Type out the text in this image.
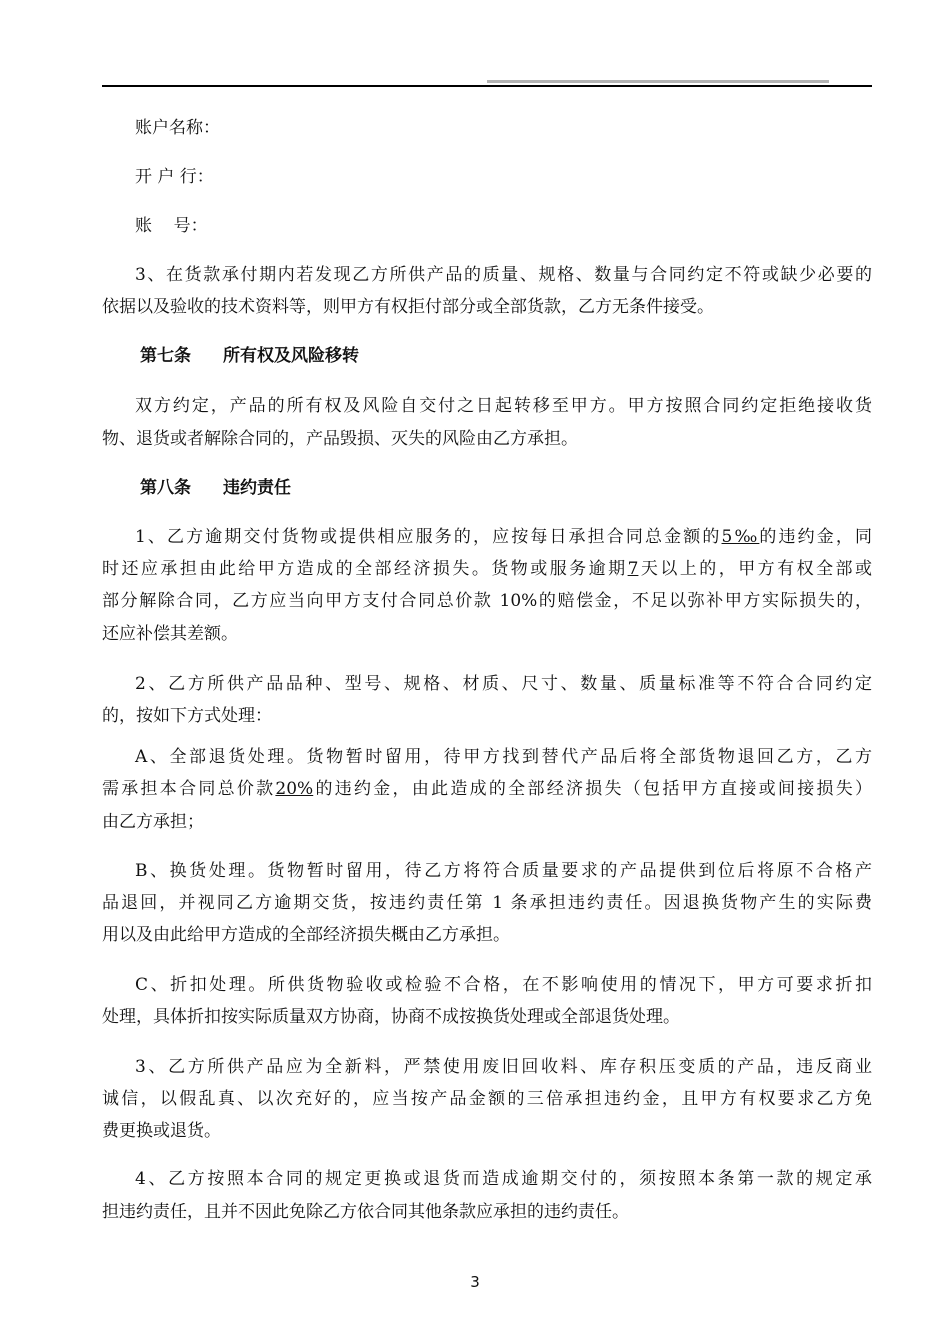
账户名称：
开 户 行：
账    号：
3、在货款承付期内若发现乙方所供产品的质量、规格、数量与合同约定不符或缺少必要的
依据以及验收的技术资料等，则甲方有权拒付部分或全部货款，乙方无条件接受。
第七条 所有权及风险移转
双方约定，产品的所有权及风险自交付之日起转移至甲方。甲方按照合同约定拒绝接收货
物、退货或者解除合同的，产品毁损、灭失的风险由乙方承担。
第八条 违约责任
1、乙方逾期交付货物或提供相应服务的，应按每日承担合同总金额的5‰的违约金，同
时还应承担由此给甲方造成的全部经济损失。货物或服务逾期7天以上的，甲方有权全部或
部分解除合同，乙方应当向甲方支付合同总价款 10%的赔偿金，不足以弥补甲方实际损失的，
还应补偿其差额。
2、乙方所供产品品种、型号、规格、材质、尺寸、数量、质量标准等不符合合同约定
的，按如下方式处理：
A、全部退货处理。货物暂时留用，待甲方找到替代产品后将全部货物退回乙方，乙方
需承担本合同总价款20%的违约金，由此造成的全部经济损失（包括甲方直接或间接损失）
由乙方承担；
B、换货处理。货物暂时留用，待乙方将符合质量要求的产品提供到位后将原不合格产
品退回，并视同乙方逾期交货，按违约责任第 1 条承担违约责任。因退换货物产生的实际费
用以及由此给甲方造成的全部经济损失概由乙方承担。
C、折扣处理。所供货物验收或检验不合格，在不影响使用的情况下，甲方可要求折扣
处理，具体折扣按实际质量双方协商，协商不成按换货处理或全部退货处理。
3、乙方所供产品应为全新料，严禁使用废旧回收料、库存积压变质的产品，违反商业
诚信，以假乱真、以次充好的，应当按产品金额的三倍承担违约金，且甲方有权要求乙方免
费更换或退货。
4、乙方按照本合同的规定更换或退货而造成逾期交付的，须按照本条第一款的规定承
担违约责任，且并不因此免除乙方依合同其他条款应承担的违约责任。
3
